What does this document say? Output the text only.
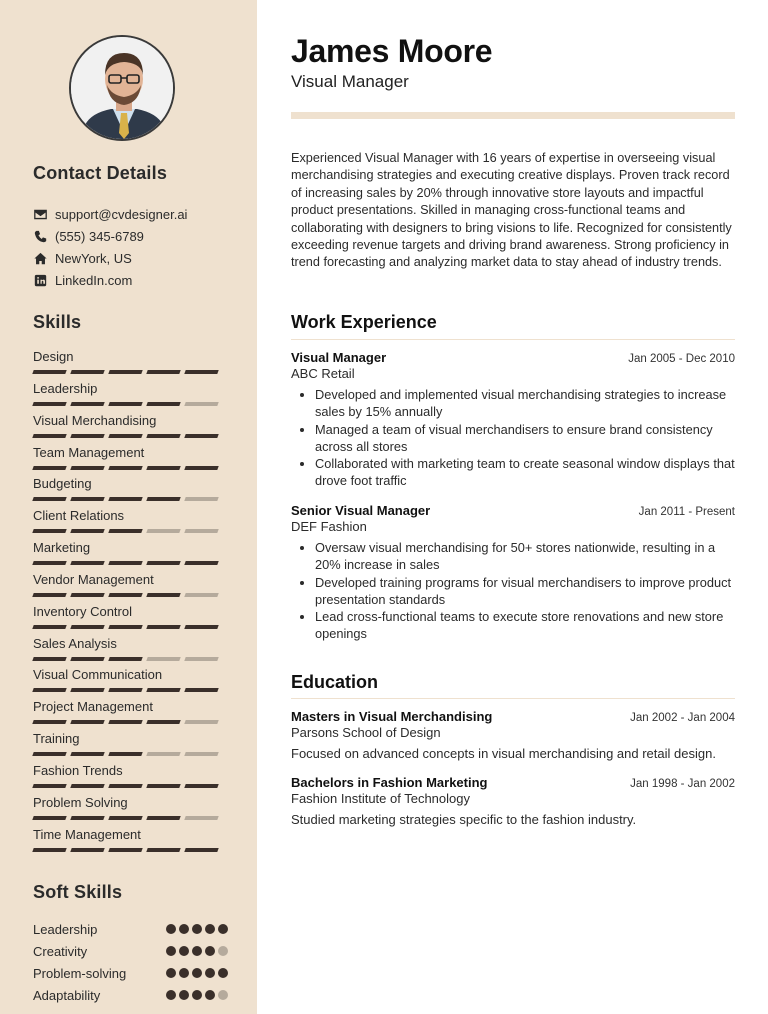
Contact Details
support@cvdesigner.ai
(555) 345-6789
NewYork, US
LinkedIn.com
Skills
Design
Leadership
Visual Merchandising
Team Management
Budgeting
Client Relations
Marketing
Vendor Management
Inventory Control
Sales Analysis
Visual Communication
Project Management
Training
Fashion Trends
Problem Solving
Time Management
Soft Skills
Leadership
Creativity
Problem-solving
Adaptability
James Moore
Visual Manager

Experienced Visual Manager with 16 years of expertise in overseeing visual merchandising strategies and executing creative displays. Proven track record of increasing sales by 20% through innovative store layouts and impactful product presentations. Skilled in managing cross-functional teams and collaborating with designers to bring visions to life. Recognized for consistently exceeding revenue targets and driving brand awareness. Strong proficiency in trend forecasting and analyzing market data to stay ahead of industry trends.

Work Experience
Visual Manager	Jan 2005 - Dec 2010
ABC Retail
• Developed and implemented visual merchandising strategies to increase sales by 15% annually
• Managed a team of visual merchandisers to ensure brand consistency across all stores
• Collaborated with marketing team to create seasonal window displays that drove foot traffic
Senior Visual Manager	Jan 2011 - Present
DEF Fashion
• Oversaw visual merchandising for 50+ stores nationwide, resulting in a 20% increase in sales
• Developed training programs for visual merchandisers to improve product presentation standards
• Lead cross-functional teams to execute store renovations and new store openings
Education
Masters in Visual Merchandising	Jan 2002 - Jan 2004
Parsons School of Design
Focused on advanced concepts in visual merchandising and retail design.
Bachelors in Fashion Marketing	Jan 1998 - Jan 2002
Fashion Institute of Technology
Studied marketing strategies specific to the fashion industry.
